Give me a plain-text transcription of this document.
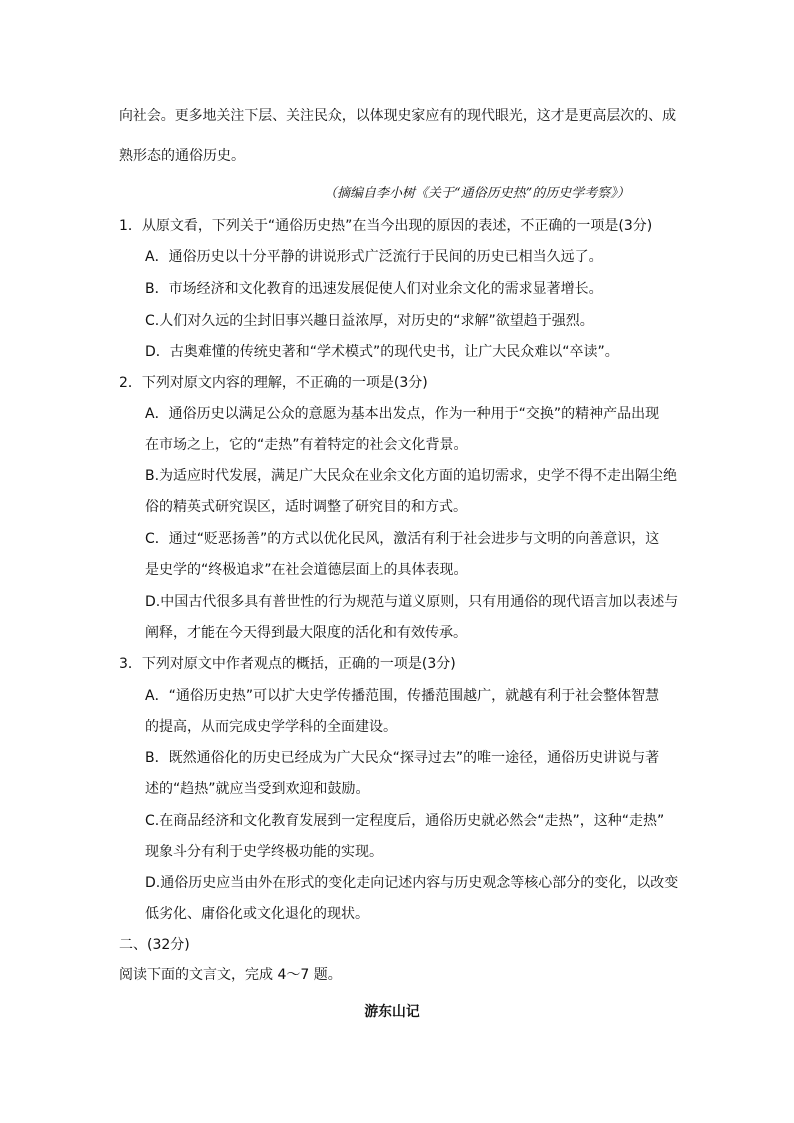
向社会。更多地关注下层、关注民众，以体现史家应有的现代眼光，这才是更高层次的、成
熟形态的通俗历史。
（摘编自李小树《关于“通俗历史热”的历史学考察》）
1．从原文看，下列关于“通俗历史热”在当今出现的原因的表述，不正确的一项是(3分)
A．通俗历史以十分平静的讲说形式广泛流行于民间的历史已相当久远了。
B．市场经济和文化教育的迅速发展促使人们对业余文化的需求显著增长。
C.人们对久远的尘封旧事兴趣日益浓厚，对历史的“求解”欲望趋于强烈。
D．古奥难懂的传统史著和“学术模式”的现代史书，让广大民众难以“卒读”。
2．下列对原文内容的理解，不正确的一项是(3分)
A．通俗历史以满足公众的意愿为基本出发点，作为一种用于“交换”的精神产品出现
在市场之上，它的“走热”有着特定的社会文化背景。
B.为适应时代发展，满足广大民众在业余文化方面的追切需求，史学不得不走出隔尘绝
俗的精英式研究误区，适时调整了研究目的和方式。
C．通过“贬恶扬善”的方式以优化民风，激活有利于社会进步与文明的向善意识，这
是史学的“终极追求”在社会道德层面上的具体表现。
D.中国古代很多具有普世性的行为规范与道义原则，只有用通俗的现代语言加以表述与
阐释，才能在今天得到最大限度的活化和有效传承。
3．下列对原文中作者观点的概括，正确的一项是(3分)
A．“通俗历史热”可以扩大史学传播范围，传播范围越广，就越有利于社会整体智慧
的提高，从而完成史学学科的全面建设。
B．既然通俗化的历史已经成为广大民众“探寻过去”的唯一途径，通俗历史讲说与著
述的“趋热”就应当受到欢迎和鼓励。
C.在商品经济和文化教育发展到一定程度后，通俗历史就必然会“走热”，这种“走热”
现象斗分有利于史学终极功能的实现。
D.通俗历史应当由外在形式的变化走向记述内容与历史观念等核心部分的变化，以改变
低劣化、庸俗化或文化退化的现状。
二、(32分)
阅读下面的文言文，完成 4～7 题。
游东山记
